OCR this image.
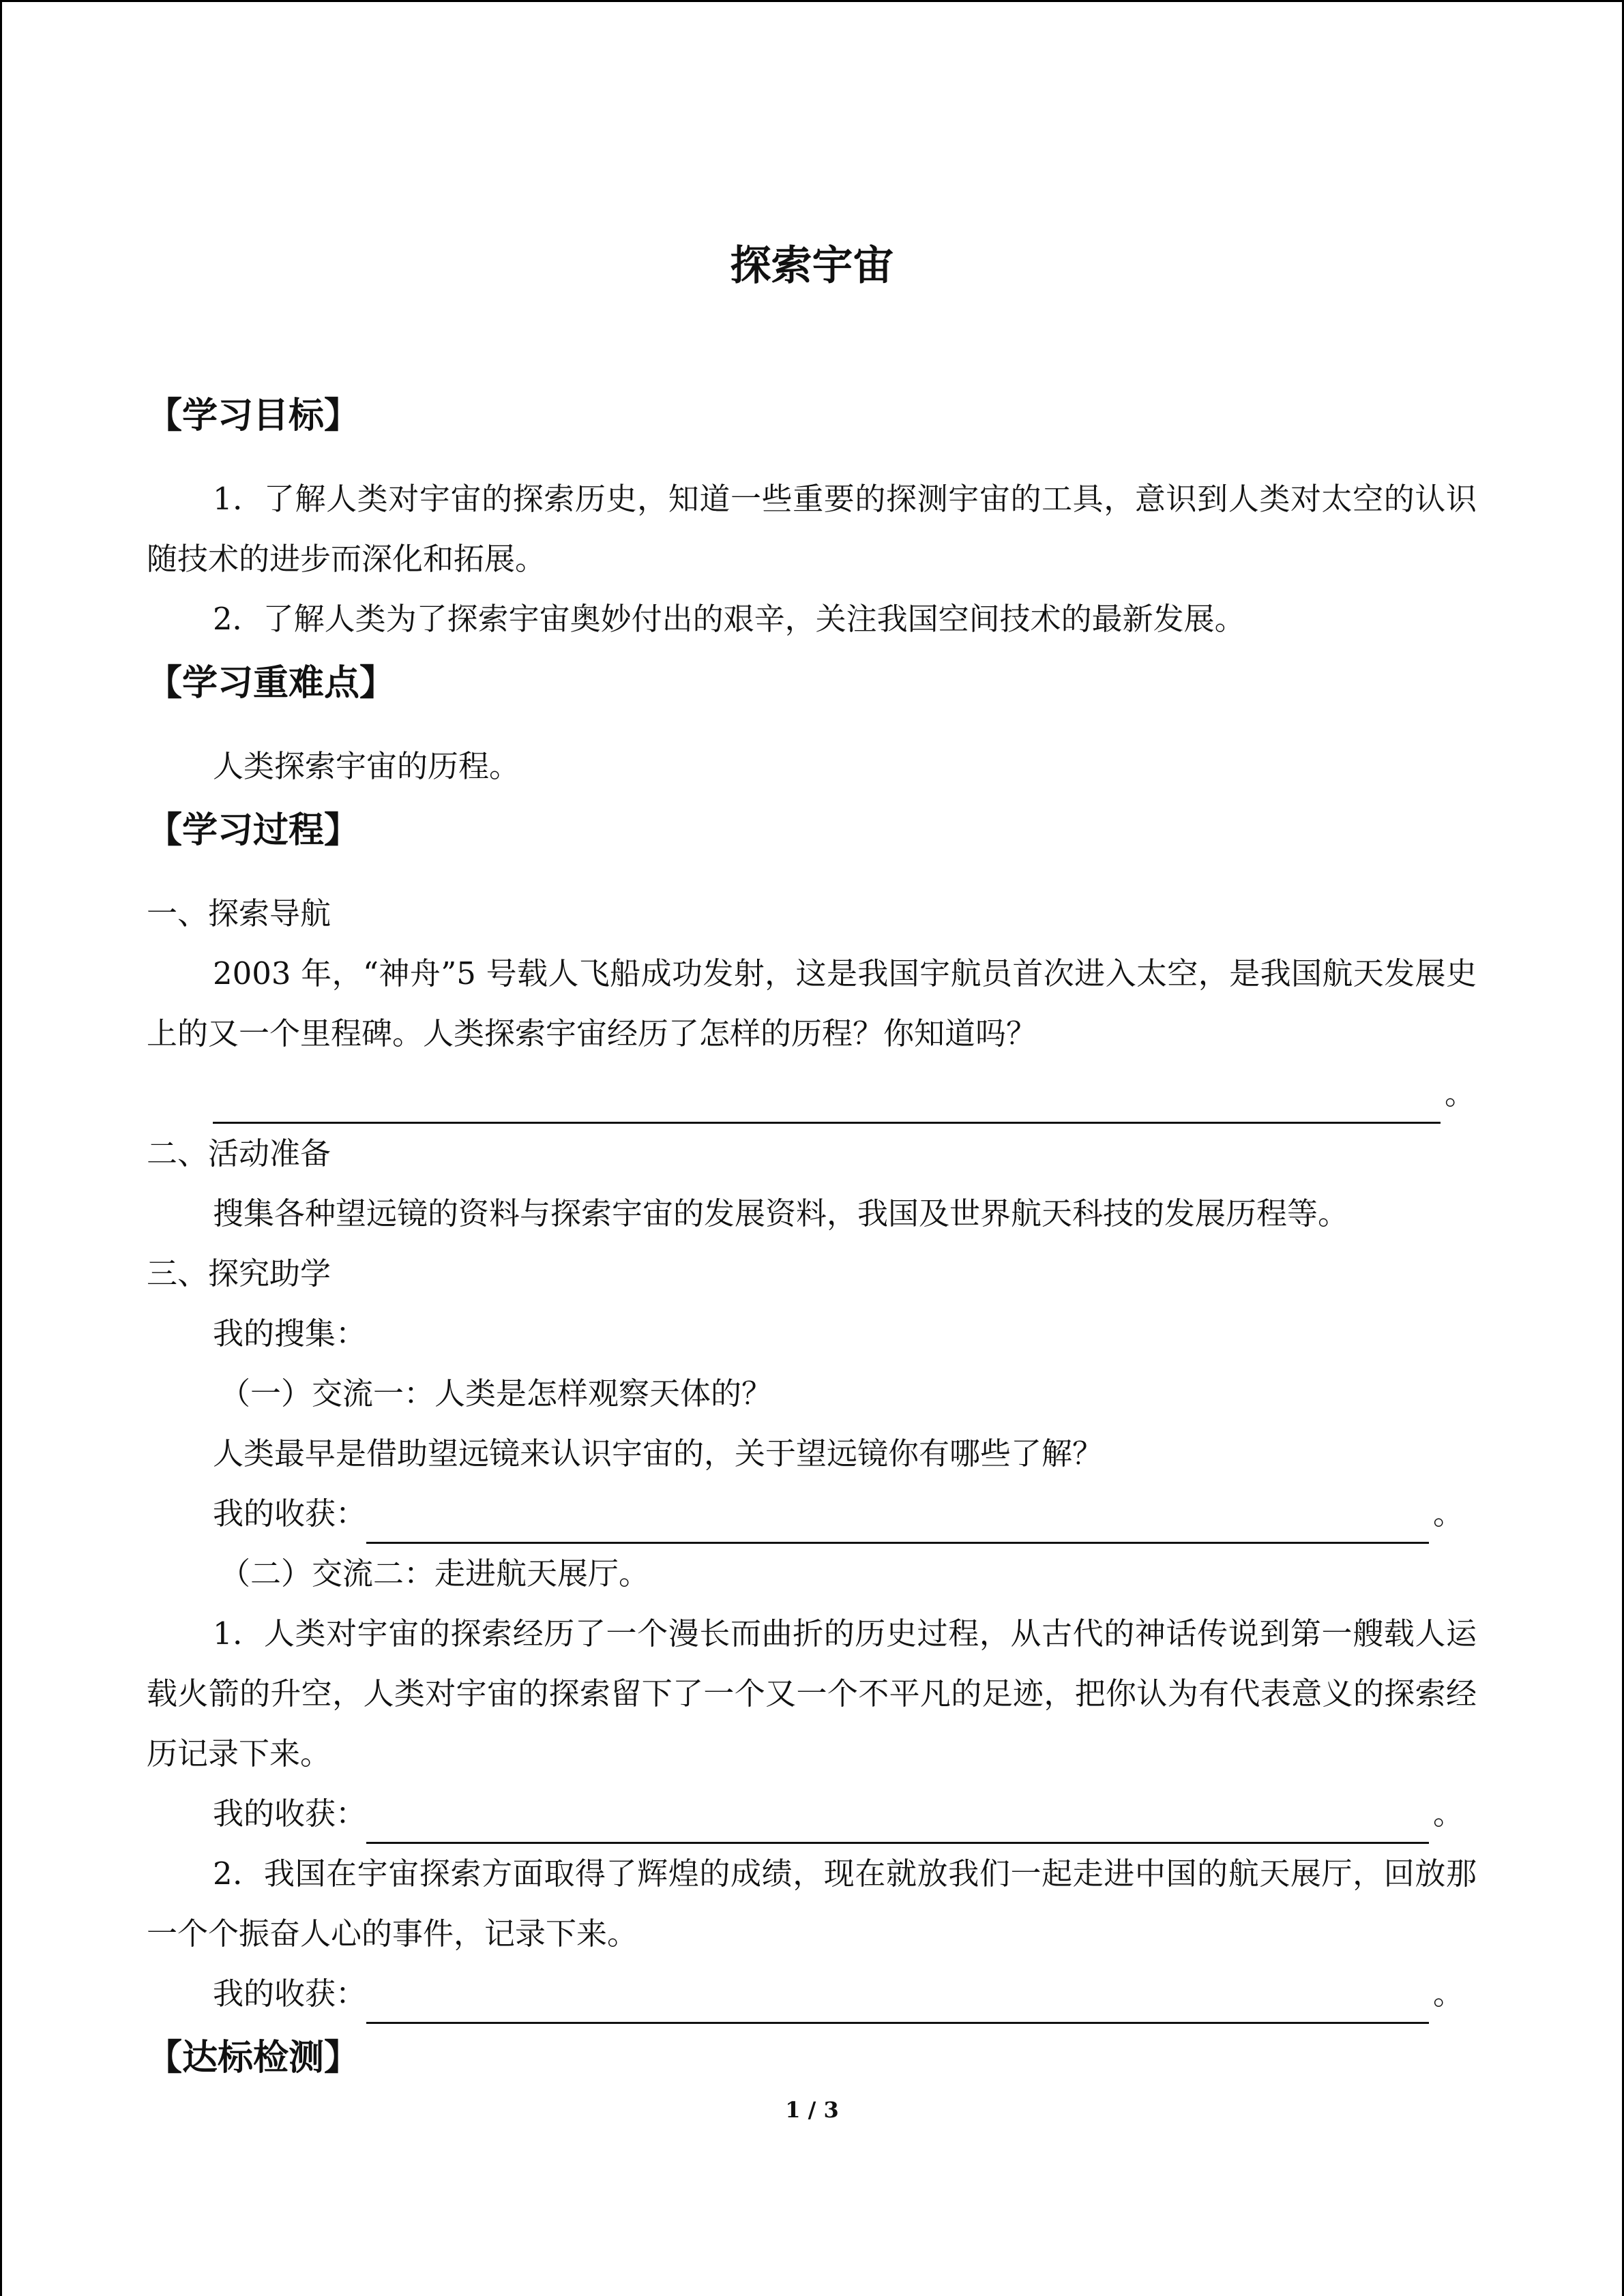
探索宇宙
【学习目标】
1．了解人类对宇宙的探索历史，知道一些重要的探测宇宙的工具，意识到人类对太空的认识随技术的进步而深化和拓展。
2．了解人类为了探索宇宙奥妙付出的艰辛，关注我国空间技术的最新发展。
【学习重难点】
人类探索宇宙的历程。
【学习过程】
一、探索导航
2003 年，“神舟”5 号载人飞船成功发射，这是我国宇航员首次进入太空，是我国航天发展史上的又一个里程碑。人类探索宇宙经历了怎样的历程？你知道吗？
。
二、活动准备
搜集各种望远镜的资料与探索宇宙的发展资料，我国及世界航天科技的发展历程等。
三、探究助学
我的搜集：
（一）交流一：人类是怎样观察天体的？
人类最早是借助望远镜来认识宇宙的，关于望远镜你有哪些了解？
我的收获：	。
（二）交流二：走进航天展厅。
1．人类对宇宙的探索经历了一个漫长而曲折的历史过程，从古代的神话传说到第一艘载人运载火箭的升空，人类对宇宙的探索留下了一个又一个不平凡的足迹，把你认为有代表意义的探索经历记录下来。
我的收获：	。
2．我国在宇宙探索方面取得了辉煌的成绩，现在就放我们一起走进中国的航天展厅，回放那一个个振奋人心的事件，记录下来。
我的收获：	。
【达标检测】
1 / 3
